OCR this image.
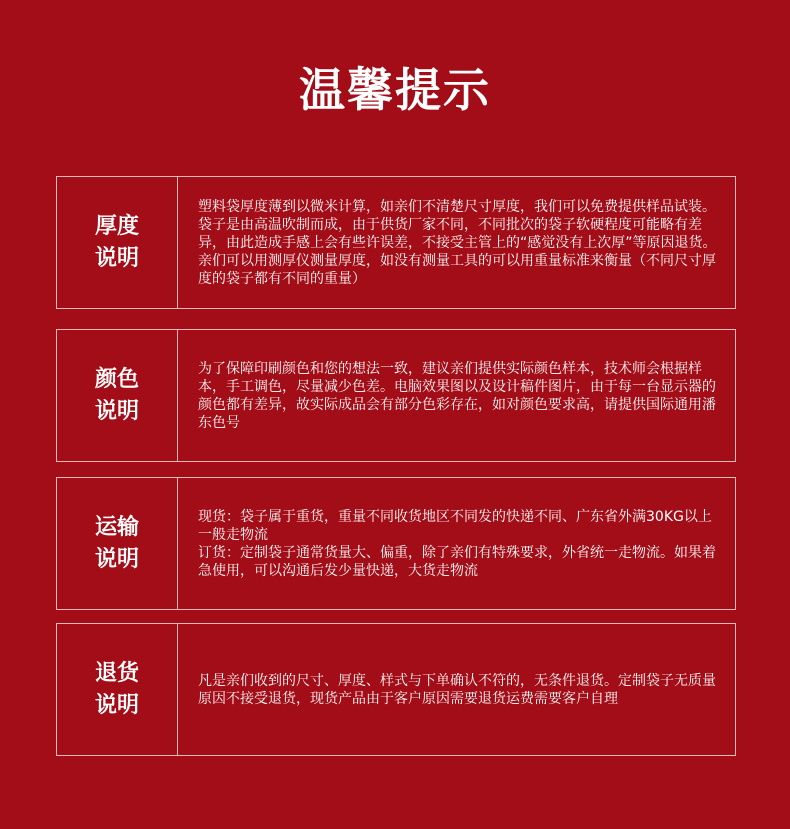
温馨提示
厚度
说明

塑料袋厚度薄到以微米计算，如亲们不清楚尺寸厚度，我们可以免费提供样品试装。袋子是由高温吹制而成，由于供货厂家不同，不同批次的袋子软硬程度可能略有差异，由此造成手感上会有些许误差，不接受主管上的“感觉没有上次厚”等原因退货。亲们可以用测厚仪测量厚度，如没有测量工具的可以用重量标准来衡量（不同尺寸厚度的袋子都有不同的重量）

颜色
说明

为了保障印刷颜色和您的想法一致，建议亲们提供实际颜色样本，技术师会根据样本，手工调色，尽量减少色差。电脑效果图以及设计稿件图片，由于每一台显示器的颜色都有差异，故实际成品会有部分色彩存在，如对颜色要求高，请提供国际通用潘东色号

运输
说明

现货：袋子属于重货，重量不同收货地区不同发的快递不同、广东省外满30KG以上一般走物流

订货：定制袋子通常货量大、偏重，除了亲们有特殊要求，外省统一走物流。如果着急使用，可以沟通后发少量快递，大货走物流

退货
说明

凡是亲们收到的尺寸、厚度、样式与下单确认不符的，无条件退货。定制袋子无质量原因不接受退货，现货产品由于客户原因需要退货运费需要客户自理
